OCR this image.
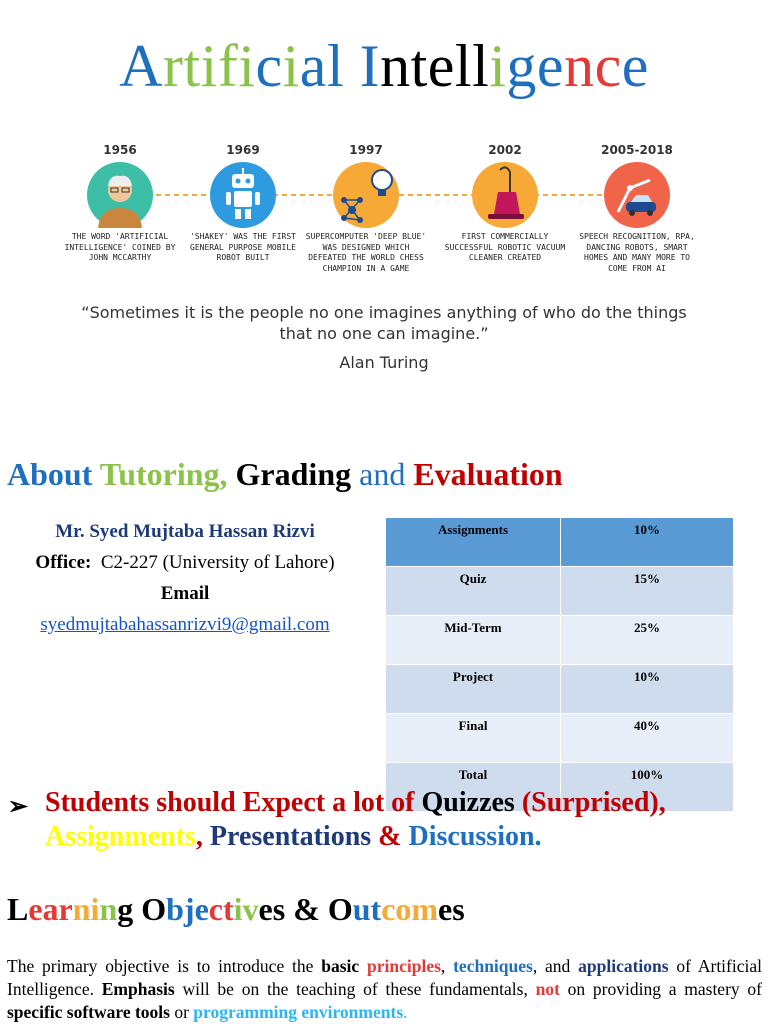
Artificial Intelligence
1956
THE WORD 'ARTIFICIAL INTELLIGENCE' COINED BY JOHN MCCARTHY
1969
'SHAKEY' WAS THE FIRST GENERAL PURPOSE MOBILE ROBOT BUILT
1997
SUPERCOMPUTER 'DEEP BLUE' WAS DESIGNED WHICH DEFEATED THE WORLD CHESS CHAMPION IN A GAME
2002
FIRST COMMERCIALLY SUCCESSFUL ROBOTIC VACUUM CLEANER CREATED
2005-2018
SPEECH RECOGNITION, RPA, DANCING ROBOTS, SMART HOMES AND MANY MORE TO COME FROM AI
“Sometimes it is the people no one imagines anything of who do the things
that no one can imagine.”
Alan Turing
About Tutoring, Grading and Evaluation
Mr. Syed Mujtaba Hassan Rizvi
Office: C2-227 (University of Lahore)
Email
syedmujtabahassanrizvi9@gmail.com
Assignments	10%
Quiz	15%
Mid-Term	25%
Project	10%
Final	40%
Total	100%
➢ Students should Expect a lot of Quizzes (Surprised), Assignments, Presentations & Discussion.
Learning Objectives & Outcomes
The primary objective is to introduce the basic principles, techniques, and applications of Artificial Intelligence. Emphasis will be on the teaching of these fundamentals, not on providing a mastery of specific software tools or programming environments.
